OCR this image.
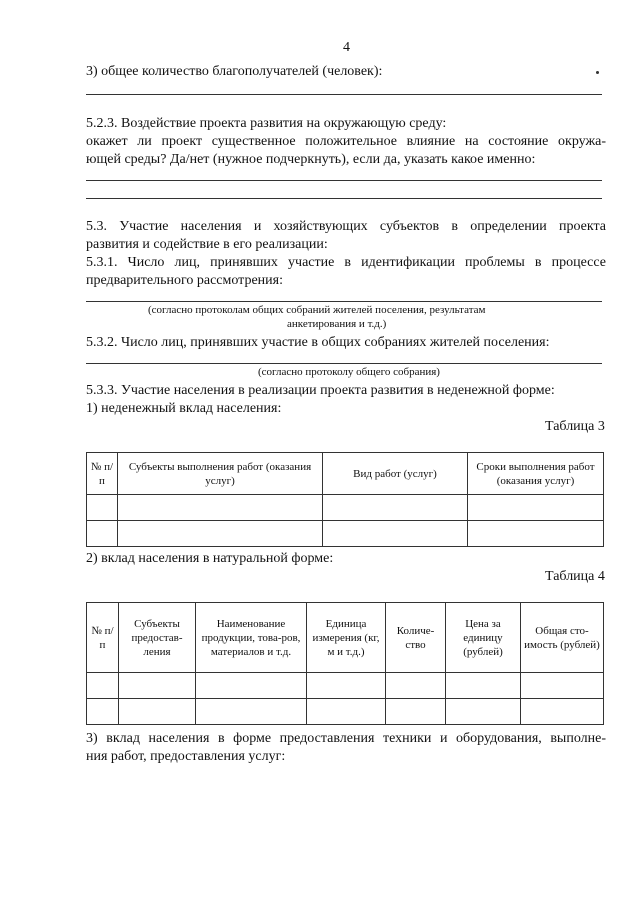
4
3) общее количество благополучателей (человек):
5.2.3. Воздействие проекта развития на окружающую среду:
окажет ли проект существенное положительное влияние на состояние окружа-
ющей среды? Да/нет (нужное подчеркнуть), если да, указать какое именно:
5.3. Участие населения и хозяйствующих субъектов в определении проекта
развития и содействие в его реализации:
5.3.1. Число лиц, принявших участие в идентификации проблемы в процессе
предварительного рассмотрения:
(согласно протоколам общих собраний жителей поселения, результатам
анкетирования и т.д.)
5.3.2. Число лиц, принявших участие в общих собраниях жителей поселения:
(согласно протоколу общего собрания)
5.3.3. Участие населения в реализации проекта развития в неденежной форме:
1) неденежный вклад населения:
Таблица 3
№ п/п	Субъекты выполнения работ (оказания услуг)	Вид работ (услуг)	Сроки выполнения работ (оказания услуг)

2) вклад населения в натуральной форме:
Таблица 4
№ п/п	Субъекты предостав-ления	Наименование продукции, това-ров, материалов и т.д.	Единица измерения (кг, м и т.д.)	Количе-ство	Цена за единицу (рублей)	Общая сто-имость (рублей)

3) вклад населения в форме предоставления техники и оборудования, выполне-
ния работ, предоставления услуг:
